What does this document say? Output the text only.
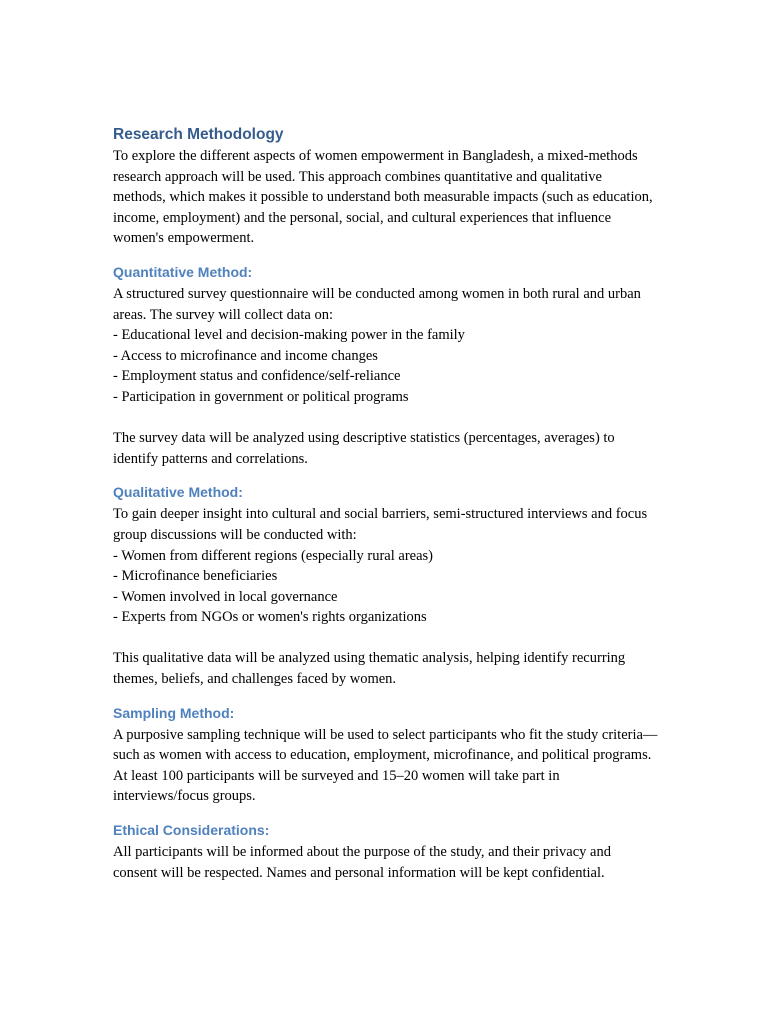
Research Methodology

To explore the different aspects of women empowerment in Bangladesh, a mixed-methods research approach will be used. This approach combines quantitative and qualitative methods, which makes it possible to understand both measurable impacts (such as education, income, employment) and the personal, social, and cultural experiences that influence women's empowerment.

Quantitative Method:

A structured survey questionnaire will be conducted among women in both rural and urban areas. The survey will collect data on:

- Educational level and decision-making power in the family
- Access to microfinance and income changes
- Employment status and confidence/self-reliance
- Participation in government or political programs

The survey data will be analyzed using descriptive statistics (percentages, averages) to identify patterns and correlations.

Qualitative Method:

To gain deeper insight into cultural and social barriers, semi-structured interviews and focus group discussions will be conducted with:

- Women from different regions (especially rural areas)
- Microfinance beneficiaries
- Women involved in local governance
- Experts from NGOs or women's rights organizations

This qualitative data will be analyzed using thematic analysis, helping identify recurring themes, beliefs, and challenges faced by women.

Sampling Method:

A purposive sampling technique will be used to select participants who fit the study criteria—such as women with access to education, employment, microfinance, and political programs. At least 100 participants will be surveyed and 15–20 women will take part in interviews/focus groups.

Ethical Considerations:

All participants will be informed about the purpose of the study, and their privacy and consent will be respected. Names and personal information will be kept confidential.
